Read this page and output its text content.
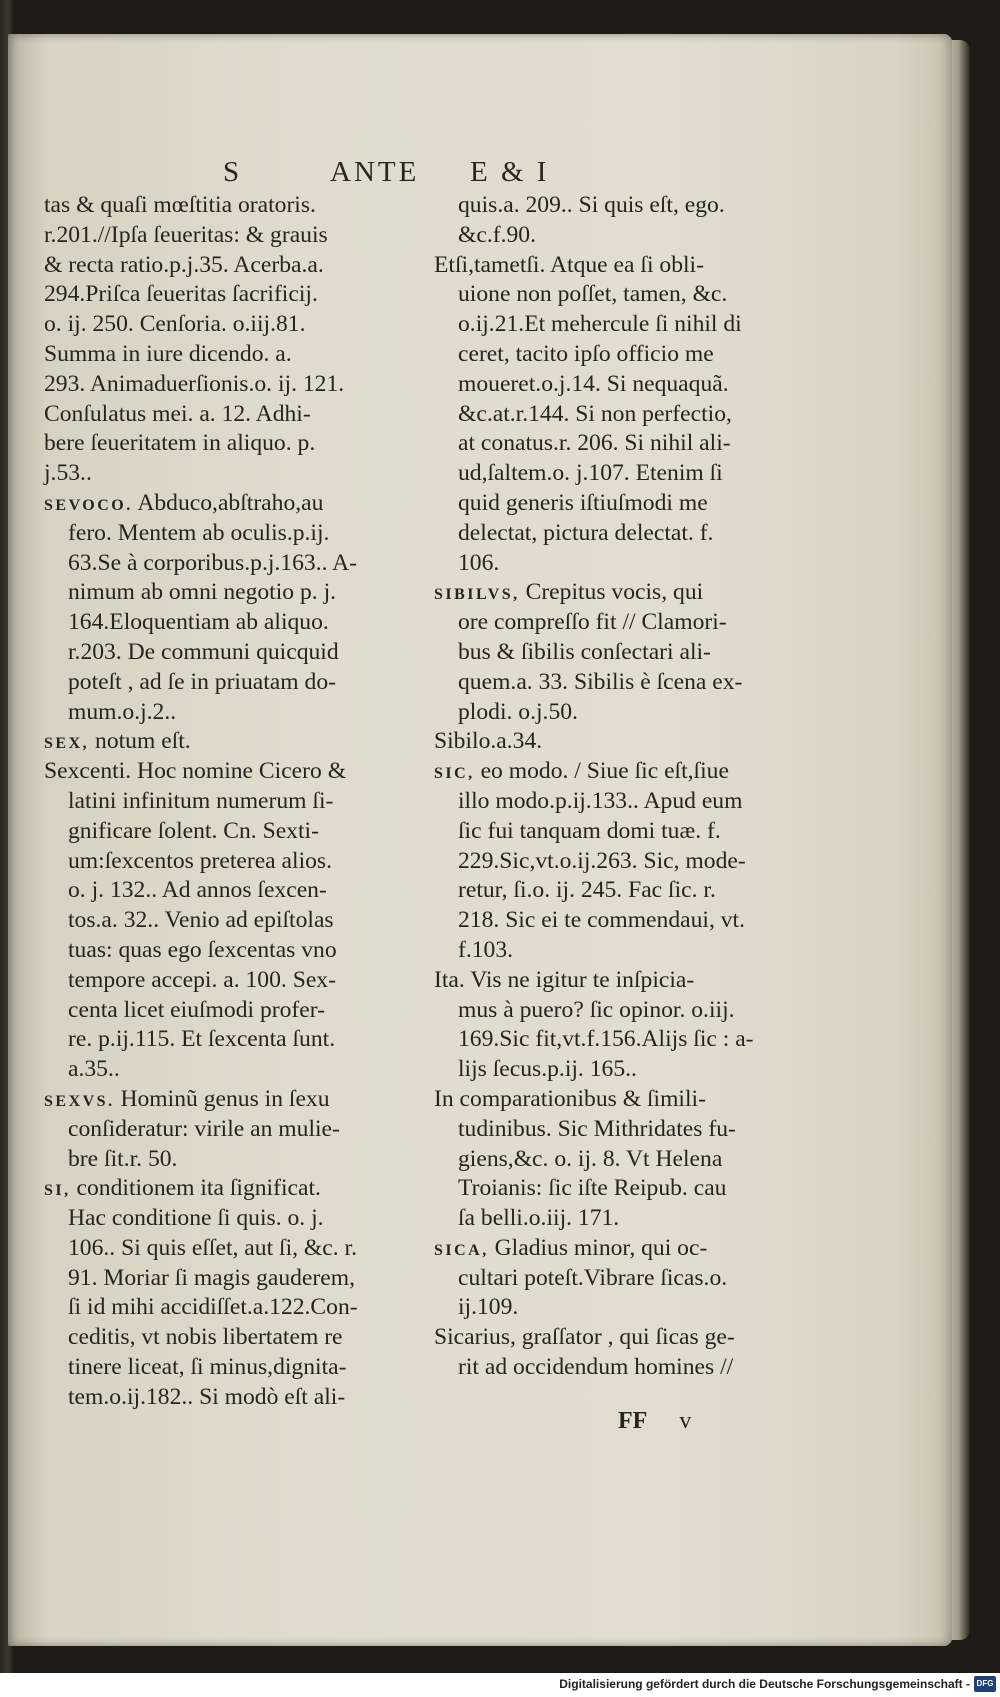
S	ANTE E & I
tas & quaſi mœſtitia oratoris.
r.201.//Ipſa ſeueritas: & grauis
& recta ratio.p.j.35. Acerba.a.
294.Priſca ſeueritas ſacrificij.
o. ij. 250. Cenſoria. o.iij.81.
Summa in iure dicendo. a.
293. Animaduerſionis.o. ij. 121.
Conſulatus mei. a. 12. Adhi-
bere ſeueritatem in aliquo. p.
j.53..
SEVOCO. Abduco,abſtraho,au
fero. Mentem ab oculis.p.ij.
63.Se à corporibus.p.j.163.. A-
nimum ab omni negotio p. j.
164.Eloquentiam ab aliquo.
r.203. De communi quicquid
poteſt , ad ſe in priuatam do-
mum.o.j.2..
SEX, notum eſt.
Sexcenti. Hoc nomine Cicero &
latini infinitum numerum ſi-
gnificare ſolent. Cn. Sexti-
um:ſexcentos preterea alios.
o. j. 132.. Ad annos ſexcen-
tos.a. 32.. Venio ad epiſtolas
tuas: quas ego ſexcentas vno
tempore accepi. a. 100. Sex-
centa licet eiuſmodi profer-
re. p.ij.115. Et ſexcenta ſunt.
a.35..
SEXVS. Hominũ genus in ſexu
conſideratur: virile an mulie-
bre ſit.r. 50.
SI, conditionem ita ſignificat.
Hac conditione ſi quis. o. j.
106.. Si quis eſſet, aut ſi, &c. r.
91. Moriar ſi magis gauderem,
ſi id mihi accidiſſet.a.122.Con-
ceditis, vt nobis libertatem re
tinere liceat, ſi minus,dignita-
tem.o.ij.182.. Si modò eſt ali-
quis.a. 209.. Si quis eſt, ego.
&c.f.90.
Etſi,tametſi. Atque ea ſi obli-
uione non poſſet, tamen, &c.
o.ij.21.Et mehercule ſi nihil di
ceret, tacito ipſo officio me
moueret.o.j.14. Si nequaquã.
&c.at.r.144. Si non perfectio,
at conatus.r. 206. Si nihil ali-
ud,ſaltem.o. j.107. Etenim ſi
quid generis iſtiuſmodi me
delectat, pictura delectat. f.
106.
SIBILVS, Crepitus vocis, qui
ore compreſſo fit // Clamori-
bus & ſibilis conſectari ali-
quem.a. 33. Sibilis è ſcena ex-
plodi. o.j.50.
Sibilo.a.34.
SIC, eo modo. / Siue ſic eſt,ſiue
illo modo.p.ij.133.. Apud eum
ſic fui tanquam domi tuæ. f.
229.Sic,vt.o.ij.263. Sic, mode-
retur, ſi.o. ij. 245. Fac ſic. r.
218. Sic ei te commendaui, vt.
f.103.
Ita. Vis ne igitur te inſpicia-
mus à puero? ſic opinor. o.iij.
169.Sic fit,vt.f.156.Alijs ſic : a-
lijs ſecus.p.ij. 165..
In comparationibus & ſimili-
tudinibus. Sic Mithridates fu-
giens,&c. o. ij. 8. Vt Helena
Troianis: ſic iſte Reipub. cau
ſa belli.o.iij. 171.
SICA, Gladius minor, qui oc-
cultari poteſt.Vibrare ſicas.o.
ij.109.
Sicarius, graſſator , qui ſicas ge-
rit ad occidendum homines //
FF v
Digitalisierung gefördert durch die Deutsche Forschungsgemeinschaft - DFG
